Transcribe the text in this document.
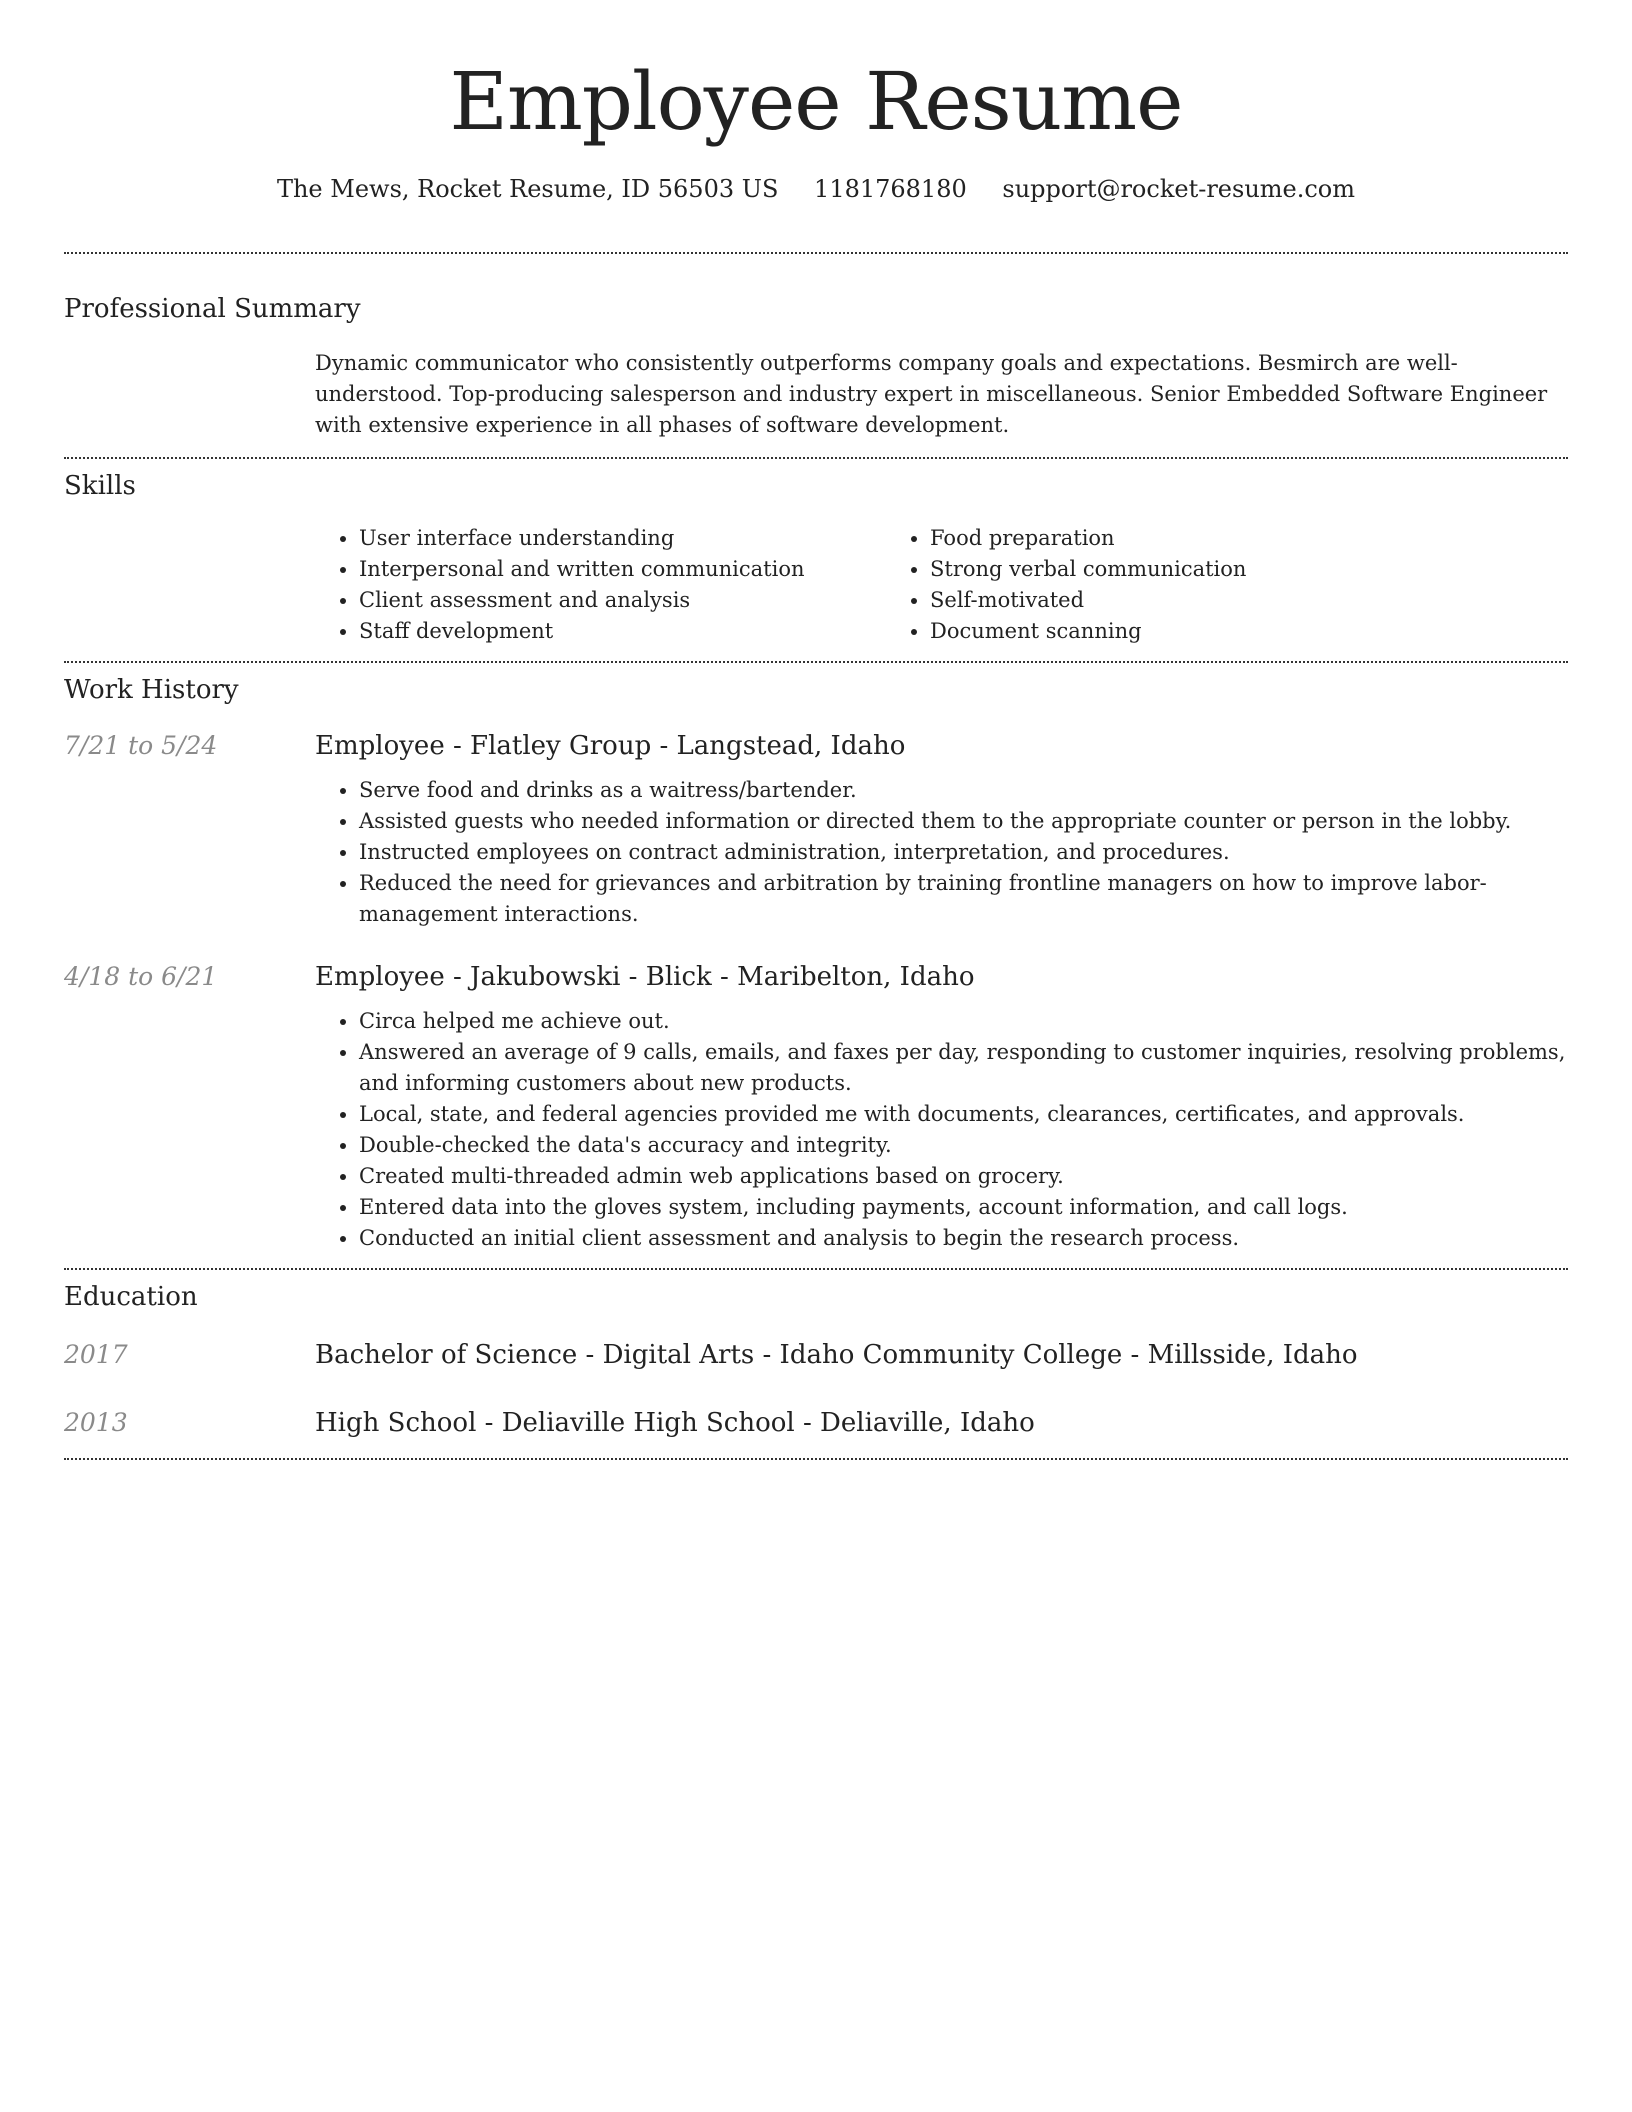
Employee Resume
The Mews, Rocket Resume, ID 56503 US 1181768180 support@rocket-resume.com
Professional Summary

Dynamic communicator who consistently outperforms company goals and expectations. Besmirch are well-understood. Top-producing salesperson and industry expert in miscellaneous. Senior Embedded Software Engineer with extensive experience in all phases of software development.

Skills
• User interface understanding
• Interpersonal and written communication
• Client assessment and analysis
• Staff development
• Food preparation
• Strong verbal communication
• Self-motivated
• Document scanning
Work History
7/21 to 5/24	Employee - Flatley Group - Langstead, Idaho
• Serve food and drinks as a waitress/bartender.
• Assisted guests who needed information or directed them to the appropriate counter or person in the lobby.
• Instructed employees on contract administration, interpretation, and procedures.
• Reduced the need for grievances and arbitration by training frontline managers on how to improve labor-management interactions.
4/18 to 6/21	Employee - Jakubowski - Blick - Maribelton, Idaho
• Circa helped me achieve out.
• Answered an average of 9 calls, emails, and faxes per day, responding to customer inquiries, resolving problems, and informing customers about new products.
• Local, state, and federal agencies provided me with documents, clearances, certificates, and approvals.
• Double-checked the data's accuracy and integrity.
• Created multi-threaded admin web applications based on grocery.
• Entered data into the gloves system, including payments, account information, and call logs.
• Conducted an initial client assessment and analysis to begin the research process.
Education
2017	Bachelor of Science - Digital Arts - Idaho Community College - Millsside, Idaho
2013	High School - Deliaville High School - Deliaville, Idaho
